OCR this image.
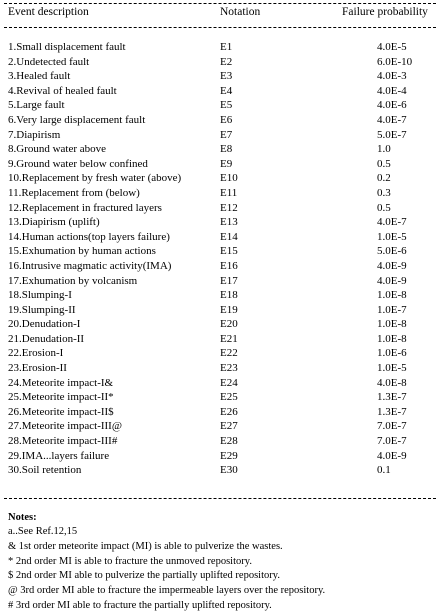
Event description	Notation	Failure probability
1.Small displacement fault	E1	4.0E-5
2.Undetected fault	E2	6.0E-10
3.Healed fault	E3	4.0E-3
4.Revival of healed fault	E4	4.0E-4
5.Large fault	E5	4.0E-6
6.Very large displacement fault	E6	4.0E-7
7.Diapirism	E7	5.0E-7
8.Ground water above	E8	1.0
9.Ground water below confined	E9	0.5
10.Replacement by fresh water (above)	E10	0.2
11.Replacement from (below)	E11	0.3
12.Replacement in fractured layers	E12	0.5
13.Diapirism (uplift)	E13	4.0E-7
14.Human actions(top layers failure)	E14	1.0E-5
15.Exhumation by human actions	E15	5.0E-6
16.Intrusive magmatic activity(IMA)	E16	4.0E-9
17.Exhumation by volcanism	E17	4.0E-9
18.Slumping-I	E18	1.0E-8
19.Slumping-II	E19	1.0E-7
20.Denudation-I	E20	1.0E-8
21.Denudation-II	E21	1.0E-8
22.Erosion-I	E22	1.0E-6
23.Erosion-II	E23	1.0E-5
24.Meteorite impact-I&	E24	4.0E-8
25.Meteorite impact-II*	E25	1.3E-7
26.Meteorite impact-II$	E26	1.3E-7
27.Meteorite impact-III@	E27	7.0E-7
28.Meteorite impact-III#	E28	7.0E-7
29.IMA...layers failure	E29	4.0E-9
30.Soil retention	E30	0.1
Notes:
a..See Ref.12,15
& 1st order meteorite impact (MI) is able to pulverize the wastes.
* 2nd order MI is able to fracture the unmoved repository.
$ 2nd order MI able to pulverize the partially uplifted repository.
@ 3rd order MI able to fracture the impermeable layers over the repository.
# 3rd order MI able to fracture the partially uplifted repository.
